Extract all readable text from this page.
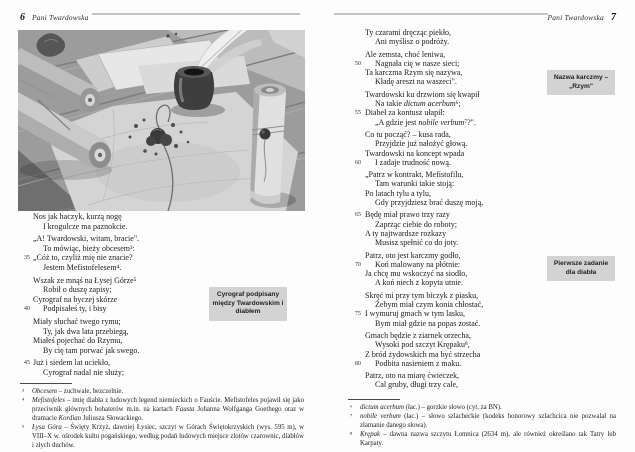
6 Pani Twardowska	Pani Twardowska 7
Nos jak haczyk, kurzą nogę
I krogulcze ma paznokcie.
„A! Twardowski, witam, bracie".
To mówiąc, bieży obcesem³:
35 „Cóż to, czyliż mię nie znacie?
Jestem Mefistofelesem⁴.
Wszak ze mnąś na Łysej Górze⁵
Robił o duszę zapisy;
Cyrograf na byczej skórze
40 Podpisałeś ty, i bisy
Miały słuchać twego rymu;
Ty, jak dwa lata przebiegą,
Miałeś pojechać do Rzymu,
By cię tam porwać jak swego.
45 Już i siedem lat uciekło,
Cyrograf nadal nie służy;
Ty czarami dręcząc piekło,
Ani myślisz o podróży.
Ale zemsta, choć leniwa,
50 Nagnała cię w nasze sieci;
Ta karczma Rzym się nazywa,
Kładę areszt na waszeci".
Twardowski ku drzwiom się kwapił
Na takie dictum acerbum⁶;
55 Diabeł za kontusz ułapił:
„A gdzie jest nobile verbum⁷?".
Co tu począć? – kusa rada,
Przyjdzie już nałożyć głową.
Twardowski na koncept wpada
60 I zadaje trudność nową.
„Patrz w kontrakt, Mefistofilu,
Tam warunki takie stoją:
Po latach tylu a tylu,
Gdy przyjdziesz brać duszę moją,
65 Będę miał prawo trzy razy
Zaprząc ciebie do roboty;
A ty najtwardsze rozkazy
Musisz spełnić co do joty.
Patrz, oto jest karczmy godło,
70 Koń malowany na płótnie:
Ja chcę mu wskoczyć na siodło,
A koń niech z kopyta utnie.
Skręć mi przy tym biczyk z piasku,
Żebym miał czym konia chłostać,
75 I wymuruj gmach w tym lasku,
Bym miał gdzie na popas zostać.
Gmach będzie z ziarnek orzecha,
Wysoki pod szczyt Krępaku⁸,
Z bród żydowskich ma być strzecha
80 Podbita nasieniem z maku.
Patrz, oto na miarę ćwieczek,
Cal gruby, długi trzy cale,
Cyrograf podpisany między Twardowskim i diabłem
Nazwa karczmy – „Rzym"
Pierwsze zadanie dla diabła
³ Obcesem – zuchwale, bezczelnie.
⁴ Mefistofeles – imię diabła z ludowych legend niemieckich o Fauście. Mefistofeles pojawił się jako przeciwnik głównych bohaterów m.in. na kartach Fausta Johanna Wolfganga Goethego oraz w dramacie Kordian Juliusza Słowackiego.
⁵ Łysa Góra – Święty Krzyż, dawniej Łysiec, szczyt w Górach Świętokrzyskich (wys. 595 m), w VIII–X w. ośrodek kultu pogańskiego, według podań ludowych miejsce zlotów czarownic, diabłów i złych duchów.
⁶ dictum acerbum (łac.) – gorzkie słowo (cyt. za BN).
⁷ nobile verbum (łac.) – słowo szlacheckie (kodeks honorowy szlachcica nie pozwalał na złamanie danego słowa).
⁸ Krępak – dawna nazwa szczytu Łomnica (2634 m), ale również określano tak Tatry lub Karpaty.
